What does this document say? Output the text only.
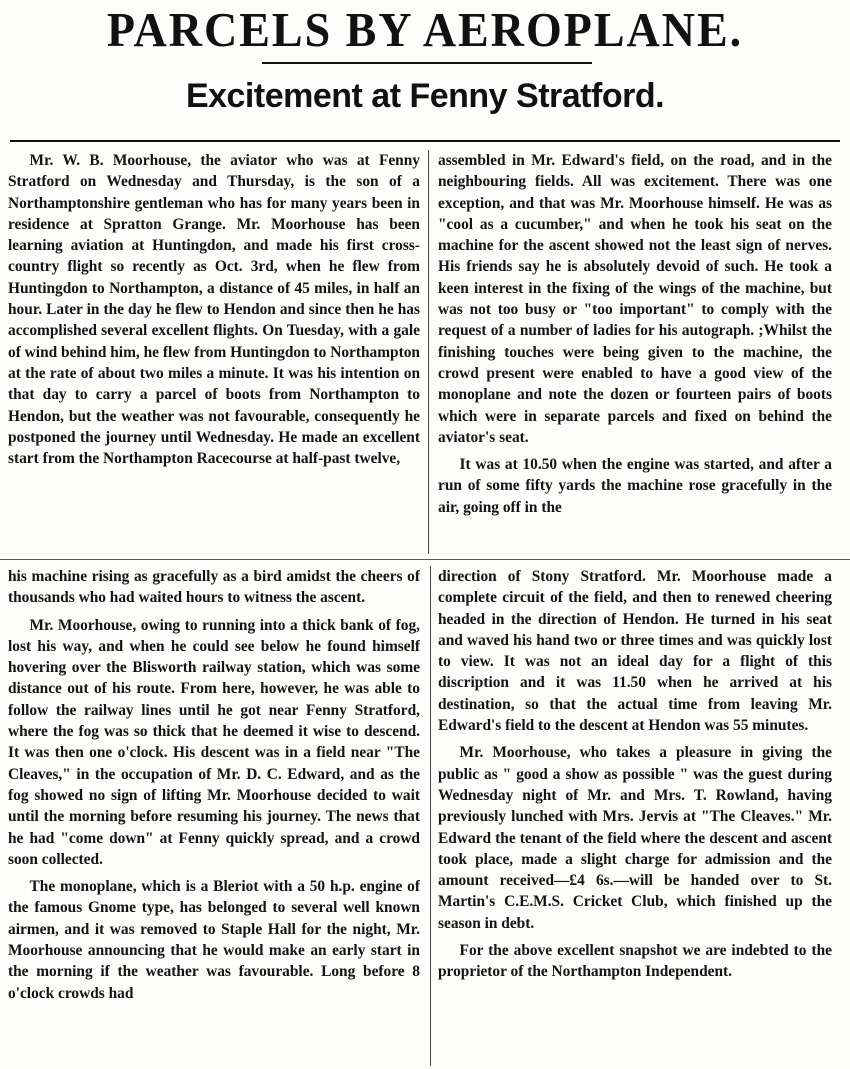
PARCELS BY AEROPLANE.
Excitement at Fenny Stratford.

Mr. W. B. Moorhouse, the aviator who was at Fenny Stratford on Wednesday and Thursday, is the son of a Northamptonshire gentleman who has for many years been in residence at Spratton Grange. Mr. Moorhouse has been learning aviation at Huntingdon, and made his first cross-country flight so recently as Oct. 3rd, when he flew from Huntingdon to Northampton, a distance of 45 miles, in half an hour. Later in the day he flew to Hendon and since then he has accomplished several excellent flights. On Tuesday, with a gale of wind behind him, he flew from Huntingdon to Northampton at the rate of about two miles a minute. It was his intention on that day to carry a parcel of boots from Northampton to Hendon, but the weather was not favourable, consequently he postponed the journey until Wednesday. He made an excellent start from the Northampton Racecourse at half-past twelve,

assembled in Mr. Edward's field, on the road, and in the neighbouring fields. All was excitement. There was one exception, and that was Mr. Moorhouse himself. He was as "cool as a cucumber," and when he took his seat on the machine for the ascent showed not the least sign of nerves. His friends say he is absolutely devoid of such. He took a keen interest in the fixing of the wings of the machine, but was not too busy or "too important" to comply with the request of a number of ladies for his autograph. ;Whilst the finishing touches were being given to the machine, the crowd present were enabled to have a good view of the monoplane and note the dozen or fourteen pairs of boots which were in separate parcels and fixed on behind the aviator's seat.

It was at 10.50 when the engine was started, and after a run of some fifty yards the machine rose gracefully in the air, going off in the

his machine rising as gracefully as a bird amidst the cheers of thousands who had waited hours to witness the ascent.

Mr. Moorhouse, owing to running into a thick bank of fog, lost his way, and when he could see below he found himself hovering over the Blisworth railway station, which was some distance out of his route. From here, however, he was able to follow the railway lines until he got near Fenny Stratford, where the fog was so thick that he deemed it wise to descend. It was then one o'clock. His descent was in a field near "The Cleaves," in the occupation of Mr. D. C. Edward, and as the fog showed no sign of lifting Mr. Moorhouse decided to wait until the morning before resuming his journey. The news that he had "come down" at Fenny quickly spread, and a crowd soon collected.

The monoplane, which is a Bleriot with a 50 h.p. engine of the famous Gnome type, has belonged to several well known airmen, and it was removed to Staple Hall for the night, Mr. Moorhouse announcing that he would make an early start in the morning if the weather was favourable. Long before 8 o'clock crowds had

direction of Stony Stratford. Mr. Moorhouse made a complete circuit of the field, and then to renewed cheering headed in the direction of Hendon. He turned in his seat and waved his hand two or three times and was quickly lost to view. It was not an ideal day for a flight of this discription and it was 11.50 when he arrived at his destination, so that the actual time from leaving Mr. Edward's field to the descent at Hendon was 55 minutes.

Mr. Moorhouse, who takes a pleasure in giving the public as " good a show as possible " was the guest during Wednesday night of Mr. and Mrs. T. Rowland, having previously lunched with Mrs. Jervis at "The Cleaves." Mr. Edward the tenant of the field where the descent and ascent took place, made a slight charge for admission and the amount received—£4 6s.—will be handed over to St. Martin's C.E.M.S. Cricket Club, which finished up the season in debt.

For the above excellent snapshot we are indebted to the proprietor of the Northampton Independent.
